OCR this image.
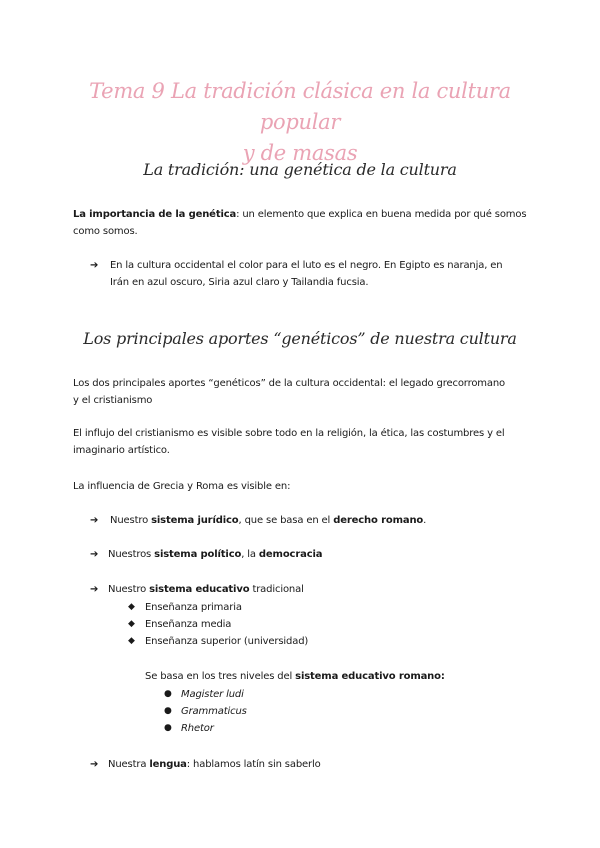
Tema 9 La tradición clásica en la cultura popular
y de masas
La tradición: una genética de la cultura
La importancia de la genética: un elemento que explica en buena medida por qué somos
como somos.
➔ En la cultura occidental el color para el luto es el negro. En Egipto es naranja, en
Irán en azul oscuro, Siria azul claro y Tailandia fucsia.
Los principales aportes “genéticos” de nuestra cultura
Los dos principales aportes “genéticos” de la cultura occidental: el legado grecorromano
y el cristianismo
El influjo del cristianismo es visible sobre todo en la religión, la ética, las costumbres y el
imaginario artístico.
La influencia de Grecia y Roma es visible en:
➔ Nuestro sistema jurídico, que se basa en el derecho romano.
➔ Nuestros sistema político, la democracia
➔ Nuestro sistema educativo tradicional
◆ Enseñanza primaria
◆ Enseñanza media
◆ Enseñanza superior (universidad)
Se basa en los tres niveles del sistema educativo romano:
● Magister ludi
● Grammaticus
● Rhetor
➔ Nuestra lengua: hablamos latín sin saberlo
